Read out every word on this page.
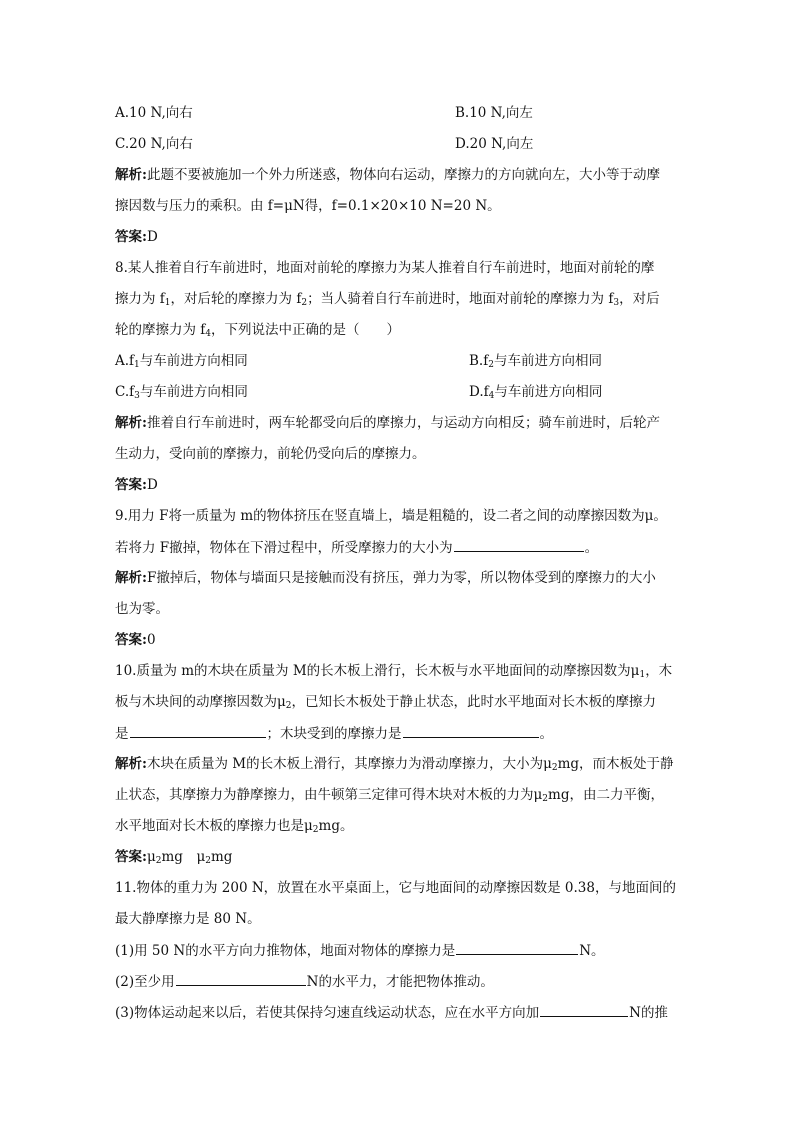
A.10 N,向右	B.10 N,向左
C.20 N,向右	D.20 N,向左
解析:此题不要被施加一个外力所迷惑，物体向右运动，摩擦力的方向就向左，大小等于动摩
擦因数与压力的乘积。由 f=μN得，f=0.1×20×10 N=20 N。
答案:D
8.某人推着自行车前进时，地面对前轮的摩擦力为某人推着自行车前进时，地面对前轮的摩
擦力为 $f_1$，对后轮的摩擦力为 $f_2$；当人骑着自行车前进时，地面对前轮的摩擦力为 $f_3$，对后
轮的摩擦力为 $f_4$，下列说法中正确的是（　　）
$A.f_1$与车前进方向相同	$B.f_2$与车前进方向相同
$C.f_3$与车前进方向相同	$D.f_4$与车前进方向相同
解析:推着自行车前进时，两车轮都受向后的摩擦力，与运动方向相反；骑车前进时，后轮产
生动力，受向前的摩擦力，前轮仍受向后的摩擦力。
答案:D
9.用力 F将一质量为 m的物体挤压在竖直墙上，墙是粗糙的，设二者之间的动摩擦因数为μ。
若将力 F撤掉，物体在下滑过程中，所受摩擦力的大小为	。
解析:F撤掉后，物体与墙面只是接触而没有挤压，弹力为零，所以物体受到的摩擦力的大小
也为零。
答案:0
10.质量为 m的木块在质量为 M的长木板上滑行，长木板与水平地面间的动摩擦因数为$\mu_1$，木
板与木块间的动摩擦因数为$\mu_2$，已知长木板处于静止状态，此时水平地面对长木板的摩擦力
是	；木块受到的摩擦力是	。
解析:木块在质量为 M的长木板上滑行，其摩擦力为滑动摩擦力，大小为$\mu_2mg$，而木板处于静
止状态，其摩擦力为静摩擦力，由牛顿第三定律可得木块对木板的力为$\mu_2mg$，由二力平衡，
水平地面对长木板的摩擦力也是$\mu_2mg$。
答案$:\mu_2mg$　$\mu_2mg$
11.物体的重力为 200 N，放置在水平桌面上，它与地面间的动摩擦因数是 0.38，与地面间的
最大静摩擦力是 80 N。
(1)用 50 N的水平方向力推物体，地面对物体的摩擦力是	N。
(2)至少用	N的水平力，才能把物体推动。
(3)物体运动起来以后，若使其保持匀速直线运动状态，应在水平方向加	N的推
